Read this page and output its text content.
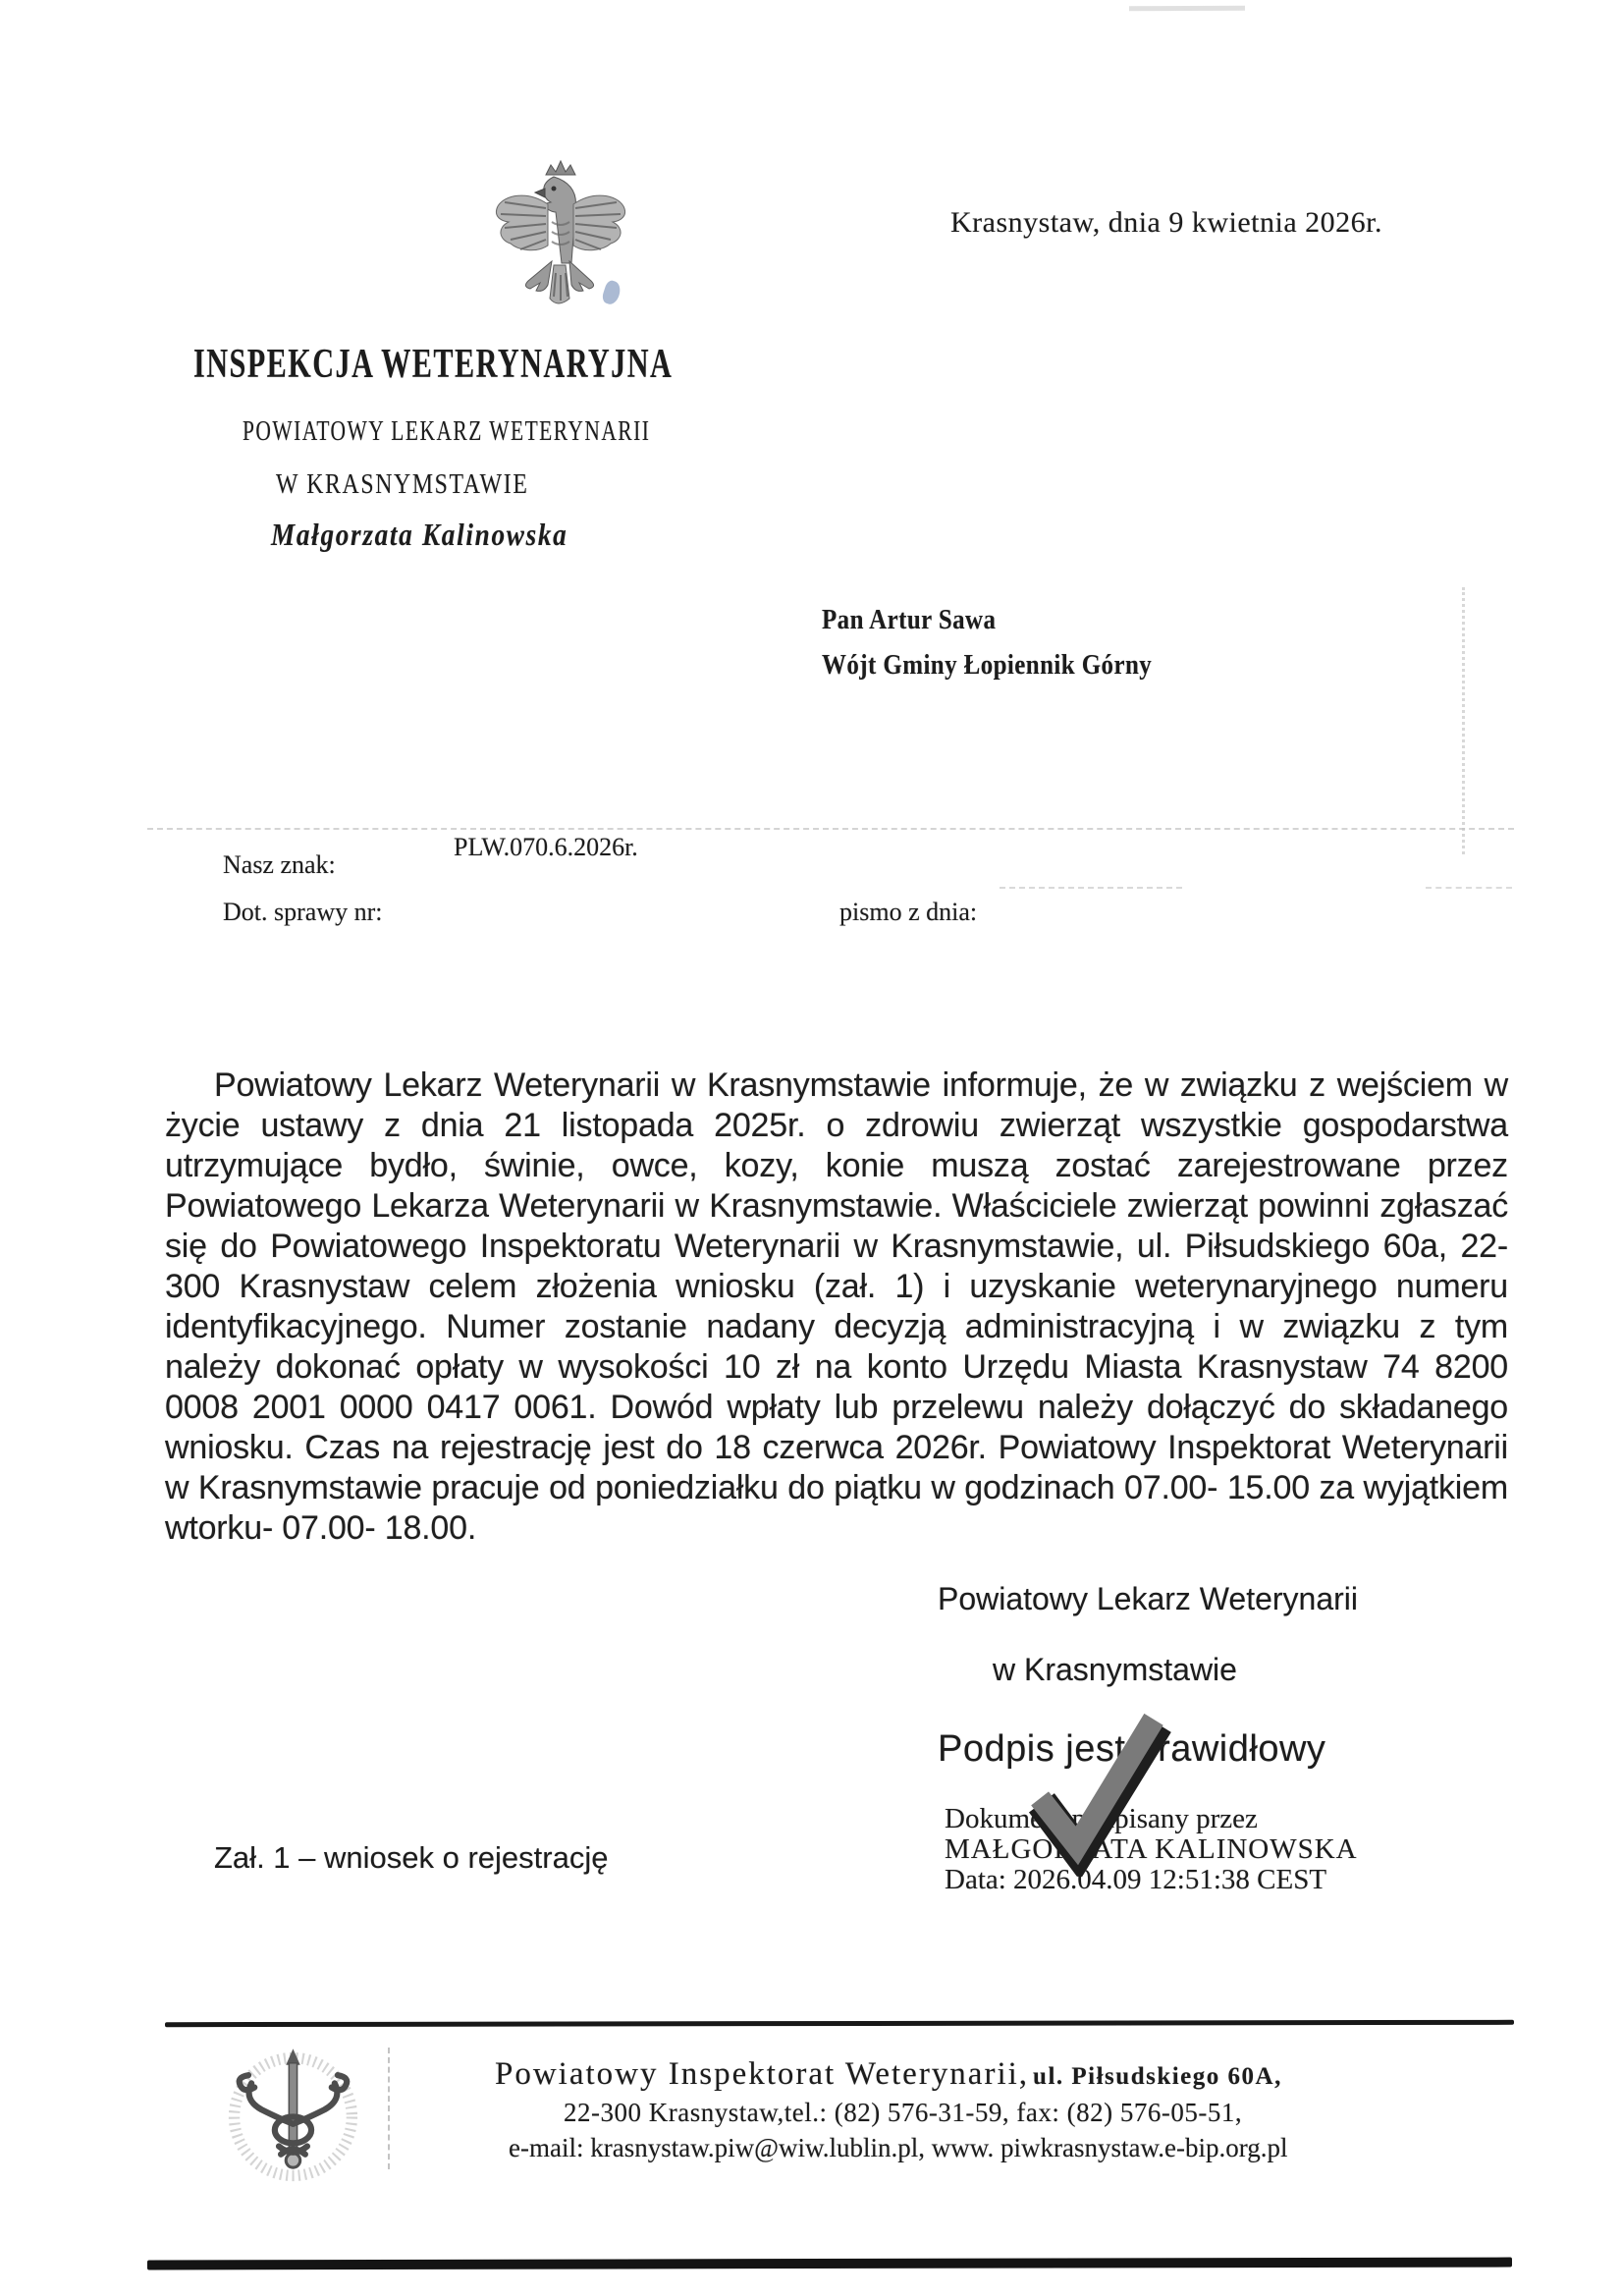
Krasnystaw, dnia 9 kwietnia 2026r.
INSPEKCJA WETERYNARYJNA
POWIATOWY LEKARZ WETERYNARII
W KRASNYMSTAWIE
Małgorzata Kalinowska
Pan Artur Sawa
Wójt Gminy Łopiennik Górny
PLW.070.6.2026r.
Nasz znak:
Dot. sprawy nr:	pismo z dnia:
Powiatowy Lekarz Weterynarii w Krasnymstawie informuje, że w związku z wejściem w życie ustawy z dnia 21 listopada 2025r. o zdrowiu zwierząt wszystkie gospodarstwa utrzymujące bydło, świnie, owce, kozy, konie muszą zostać zarejestrowane przez Powiatowego Lekarza Weterynarii w Krasnymstawie. Właściciele zwierząt powinni zgłaszać się do Powiatowego Inspektoratu Weterynarii w Krasnymstawie, ul. Piłsudskiego 60a, 22-300 Krasnystaw celem złożenia wniosku (zał. 1) i uzyskanie weterynaryjnego numeru identyfikacyjnego. Numer zostanie nadany decyzją administracyjną i w związku z tym należy dokonać opłaty w wysokości 10 zł na konto Urzędu Miasta Krasnystaw 74 8200 0008 2001 0000 0417 0061. Dowód wpłaty lub przelewu należy dołączyć do składanego wniosku. Czas na rejestrację jest do 18 czerwca 2026r. Powiatowy Inspektorat Weterynarii w Krasnymstawie pracuje od poniedziałku do piątku w godzinach 07.00- 15.00 za wyjątkiem wtorku- 07.00- 18.00.
Powiatowy Lekarz Weterynarii
w Krasnymstawie
Podpis jest prawidłowy
Dokument podpisany przez
MAŁGORZATA KALINOWSKA
Data: 2026.04.09 12:51:38 CEST
Zał. 1 – wniosek o rejestrację
Powiatowy Inspektorat Weterynarii, ul. Piłsudskiego 60A,
22-300 Krasnystaw,tel.: (82) 576-31-59, fax: (82) 576-05-51,
e-mail: krasnystaw.piw@wiw.lublin.pl, www. piwkrasnystaw.e-bip.org.pl
